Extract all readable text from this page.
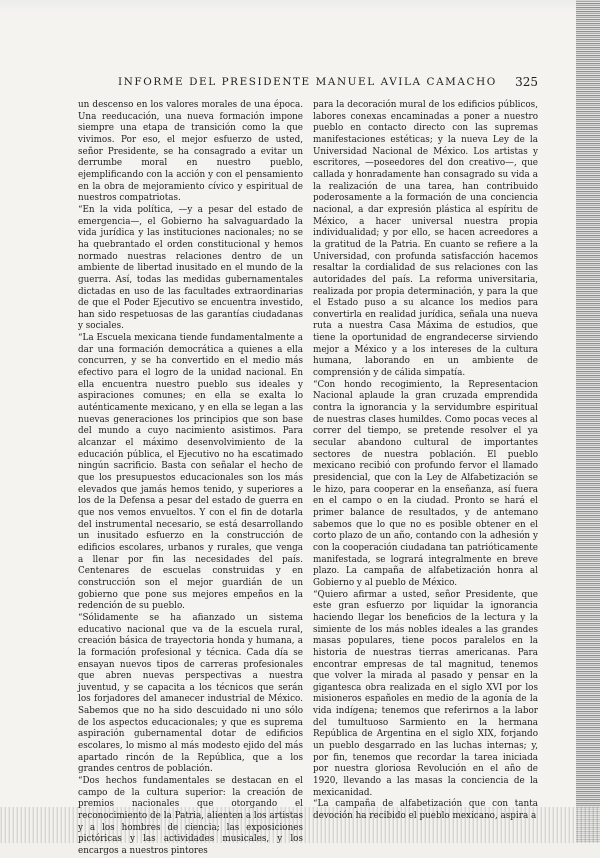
INFORME DEL PRESIDENTE MANUEL AVILA CAMACHO 325

un descenso en los valores morales de una época. Una reeducación, una nueva formación impone siempre una etapa de transición como la que vivimos. Por eso, el mejor esfuerzo de usted, señor Presidente, se ha consagrado a evitar un derrumbe moral en nuestro pueblo, ejemplificando con la acción y con el pensamiento en la obra de mejoramiento cívico y espiritual de nuestros compatriotas.

“En la vida política, —y a pesar del estado de emergencia—, el Gobierno ha salvaguardado la vida jurídica y las instituciones nacionales; no se ha quebrantado el orden constitucional y hemos normado nuestras relaciones dentro de un ambiente de libertad inusitado en el mundo de la guerra. Así, todas las medidas gubernamentales dictadas en uso de las facultades extraordinarias de que el Poder Ejecutivo se encuentra investido, han sido respetuosas de las garantías ciudadanas y sociales.

“La Escuela mexicana tiende fundamentalmente a dar una formación democrática a quienes a ella concurren, y se ha convertido en el medio más efectivo para el logro de la unidad nacional. En ella encuentra nuestro pueblo sus ideales y aspiraciones comunes; en ella se exalta lo auténticamente mexicano, y en ella se legan a las nuevas generaciones los principios que son base del mundo a cuyo nacimiento asistimos. Para alcanzar el máximo desenvolvimiento de la educación pública, el Ejecutivo no ha escatimado ningún sacrificio. Basta con señalar el hecho de que los presupuestos educacionales son los más elevados que jamás hemos tenido, y superiores a los de la Defensa a pesar del estado de guerra en que nos vemos envueltos. Y con el fin de dotarla del instrumental necesario, se está desarrollando un inusitado esfuerzo en la construcción de edificios escolares, urbanos y rurales, que venga a llenar por fin las necesidades del país. Centenares de escuelas construidas y en construcción son el mejor guardián de un gobierno que pone sus mejores empeños en la redención de su pueblo.

“Sólidamente se ha afianzado un sistema educativo nacional que va de la escuela rural, creación básica de trayectoria honda y humana, a la formación profesional y técnica. Cada día se ensayan nuevos tipos de carreras profesionales que abren nuevas perspectivas a nuestra juventud, y se capacita a los técnicos que serán los forjadores del amanecer industrial de México. Sabemos que no ha sido descuidado ni uno sólo de los aspectos educacionales; y que es suprema aspiración gubernamental dotar de edificios escolares, lo mismo al más modesto ejido del más apartado rincón de la República, que a los grandes centros de población.

“Dos hechos fundamentales se destacan en el campo de la cultura superior: la creación de premios nacionales que otorgando el reconocimiento de la Patria, alienten a los artistas y a los hombres de ciencia; las exposiciones pictóricas y las actividades musicales, y los encargos a nuestros pintores

para la decoración mural de los edificios públicos, labores conexas encaminadas a poner a nuestro pueblo en contacto directo con las supremas manifestaciones estéticas; y la nueva Ley de la Universidad Nacional de México. Los artistas y escritores, —poseedores del don creativo—, que callada y honradamente han consagrado su vida a la realización de una tarea, han contribuido poderosamente a la formación de una conciencia nacional, a dar expresión plástica al espíritu de México, a hacer universal nuestra propia individualidad; y por ello, se hacen acreedores a la gratitud de la Patria. En cuanto se refiere a la Universidad, con profunda satisfacción hacemos resaltar la cordialidad de sus relaciones con las autoridades del país. La reforma universitaria, realizada por propia determinación, y para la que el Estado puso a su alcance los medios para convertirla en realidad jurídica, señala una nueva ruta a nuestra Casa Máxima de estudios, que tiene la oportunidad de engrandecerse sirviendo mejor a México y a los intereses de la cultura humana, laborando en un ambiente de comprensión y de cálida simpatía.

“Con hondo recogimiento, la Representacion Nacional aplaude la gran cruzada emprendida contra la ignorancia y la servidumbre espiritual de nuestras clases humildes. Como pocas veces al correr del tiempo, se pretende resolver el ya secular abandono cultural de importantes sectores de nuestra población. El pueblo mexicano recibió con profundo fervor el llamado presidencial, que con la Ley de Alfabetización se le hizo, para cooperar en la enseñanza, así fuera en el campo o en la ciudad. Pronto se hará el primer balance de resultados, y de antemano sabemos que lo que no es posible obtener en el corto plazo de un año, contando con la adhesión y con la cooperación ciudadana tan patrióticamente manifestada, se logrará integralmente en breve plazo. La campaña de alfabetización honra al Gobierno y al pueblo de México.

“Quiero afirmar a usted, señor Presidente, que este gran esfuerzo por liquidar la ignorancia haciendo llegar los beneficios de la lectura y la simiente de los más nobles ideales a las grandes masas populares, tiene pocos paralelos en la historia de nuestras tierras americanas. Para encontrar empresas de tal magnitud, tenemos que volver la mirada al pasado y pensar en la gigantesca obra realizada en el siglo XVI por los misioneros españoles en medio de la agonía de la vida indígena; tenemos que referirnos a la labor del tumultuoso Sarmiento en la hermana República de Argentina en el siglo XIX, forjando un pueblo desgarrado en las luchas internas; y, por fin, tenemos que recordar la tarea iniciada por nuestra gloriosa Revolución en el año de 1920, llevando a las masas la conciencia de la mexicanidad.

“La campaña de alfabetización que con tanta devoción ha recibido el pueblo mexicano, aspira a
